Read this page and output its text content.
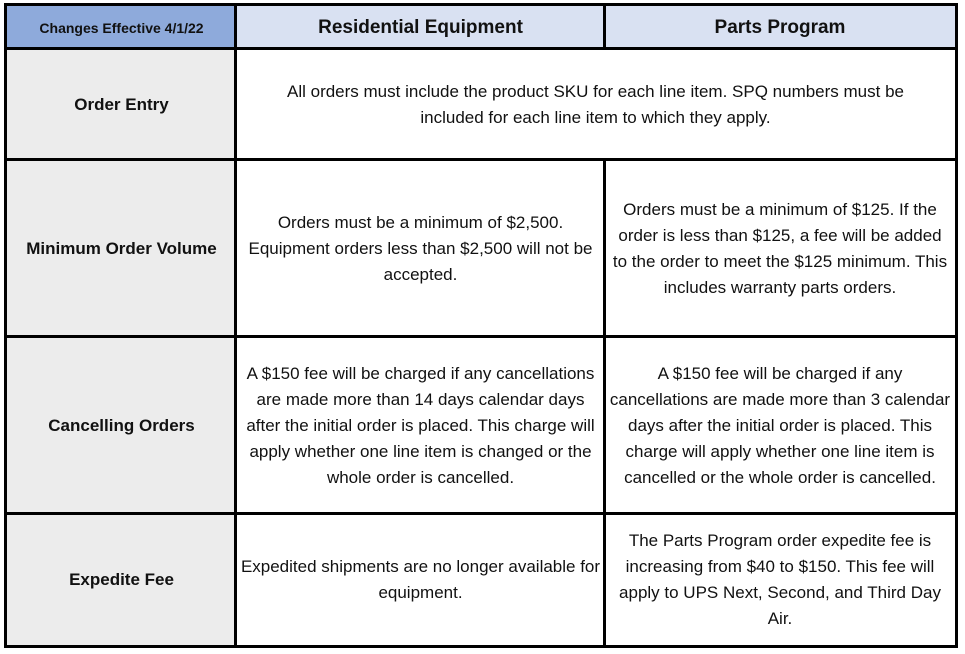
Changes Effective 4/1/22	Residential Equipment	Parts Program
Order Entry
All orders must include the product SKU for each line item. SPQ numbers must be included for each line item to which they apply.
Minimum Order Volume
Orders must be a minimum of $2,500. Equipment orders less than $2,500 will not be accepted.
Orders must be a minimum of $125. If the order is less than $125, a fee will be added to the order to meet the $125 minimum. This includes warranty parts orders.
Cancelling Orders
A $150 fee will be charged if any cancellations are made more than 14 days calendar days after the initial order is placed. This charge will apply whether one line item is changed or the whole order is cancelled.
A $150 fee will be charged if any cancellations are made more than 3 calendar days after the initial order is placed. This charge will apply whether one line item is cancelled or the whole order is cancelled.
Expedite Fee
Expedited shipments are no longer available for equipment.
The Parts Program order expedite fee is increasing from $40 to $150. This fee will apply to UPS Next, Second, and Third Day Air.
